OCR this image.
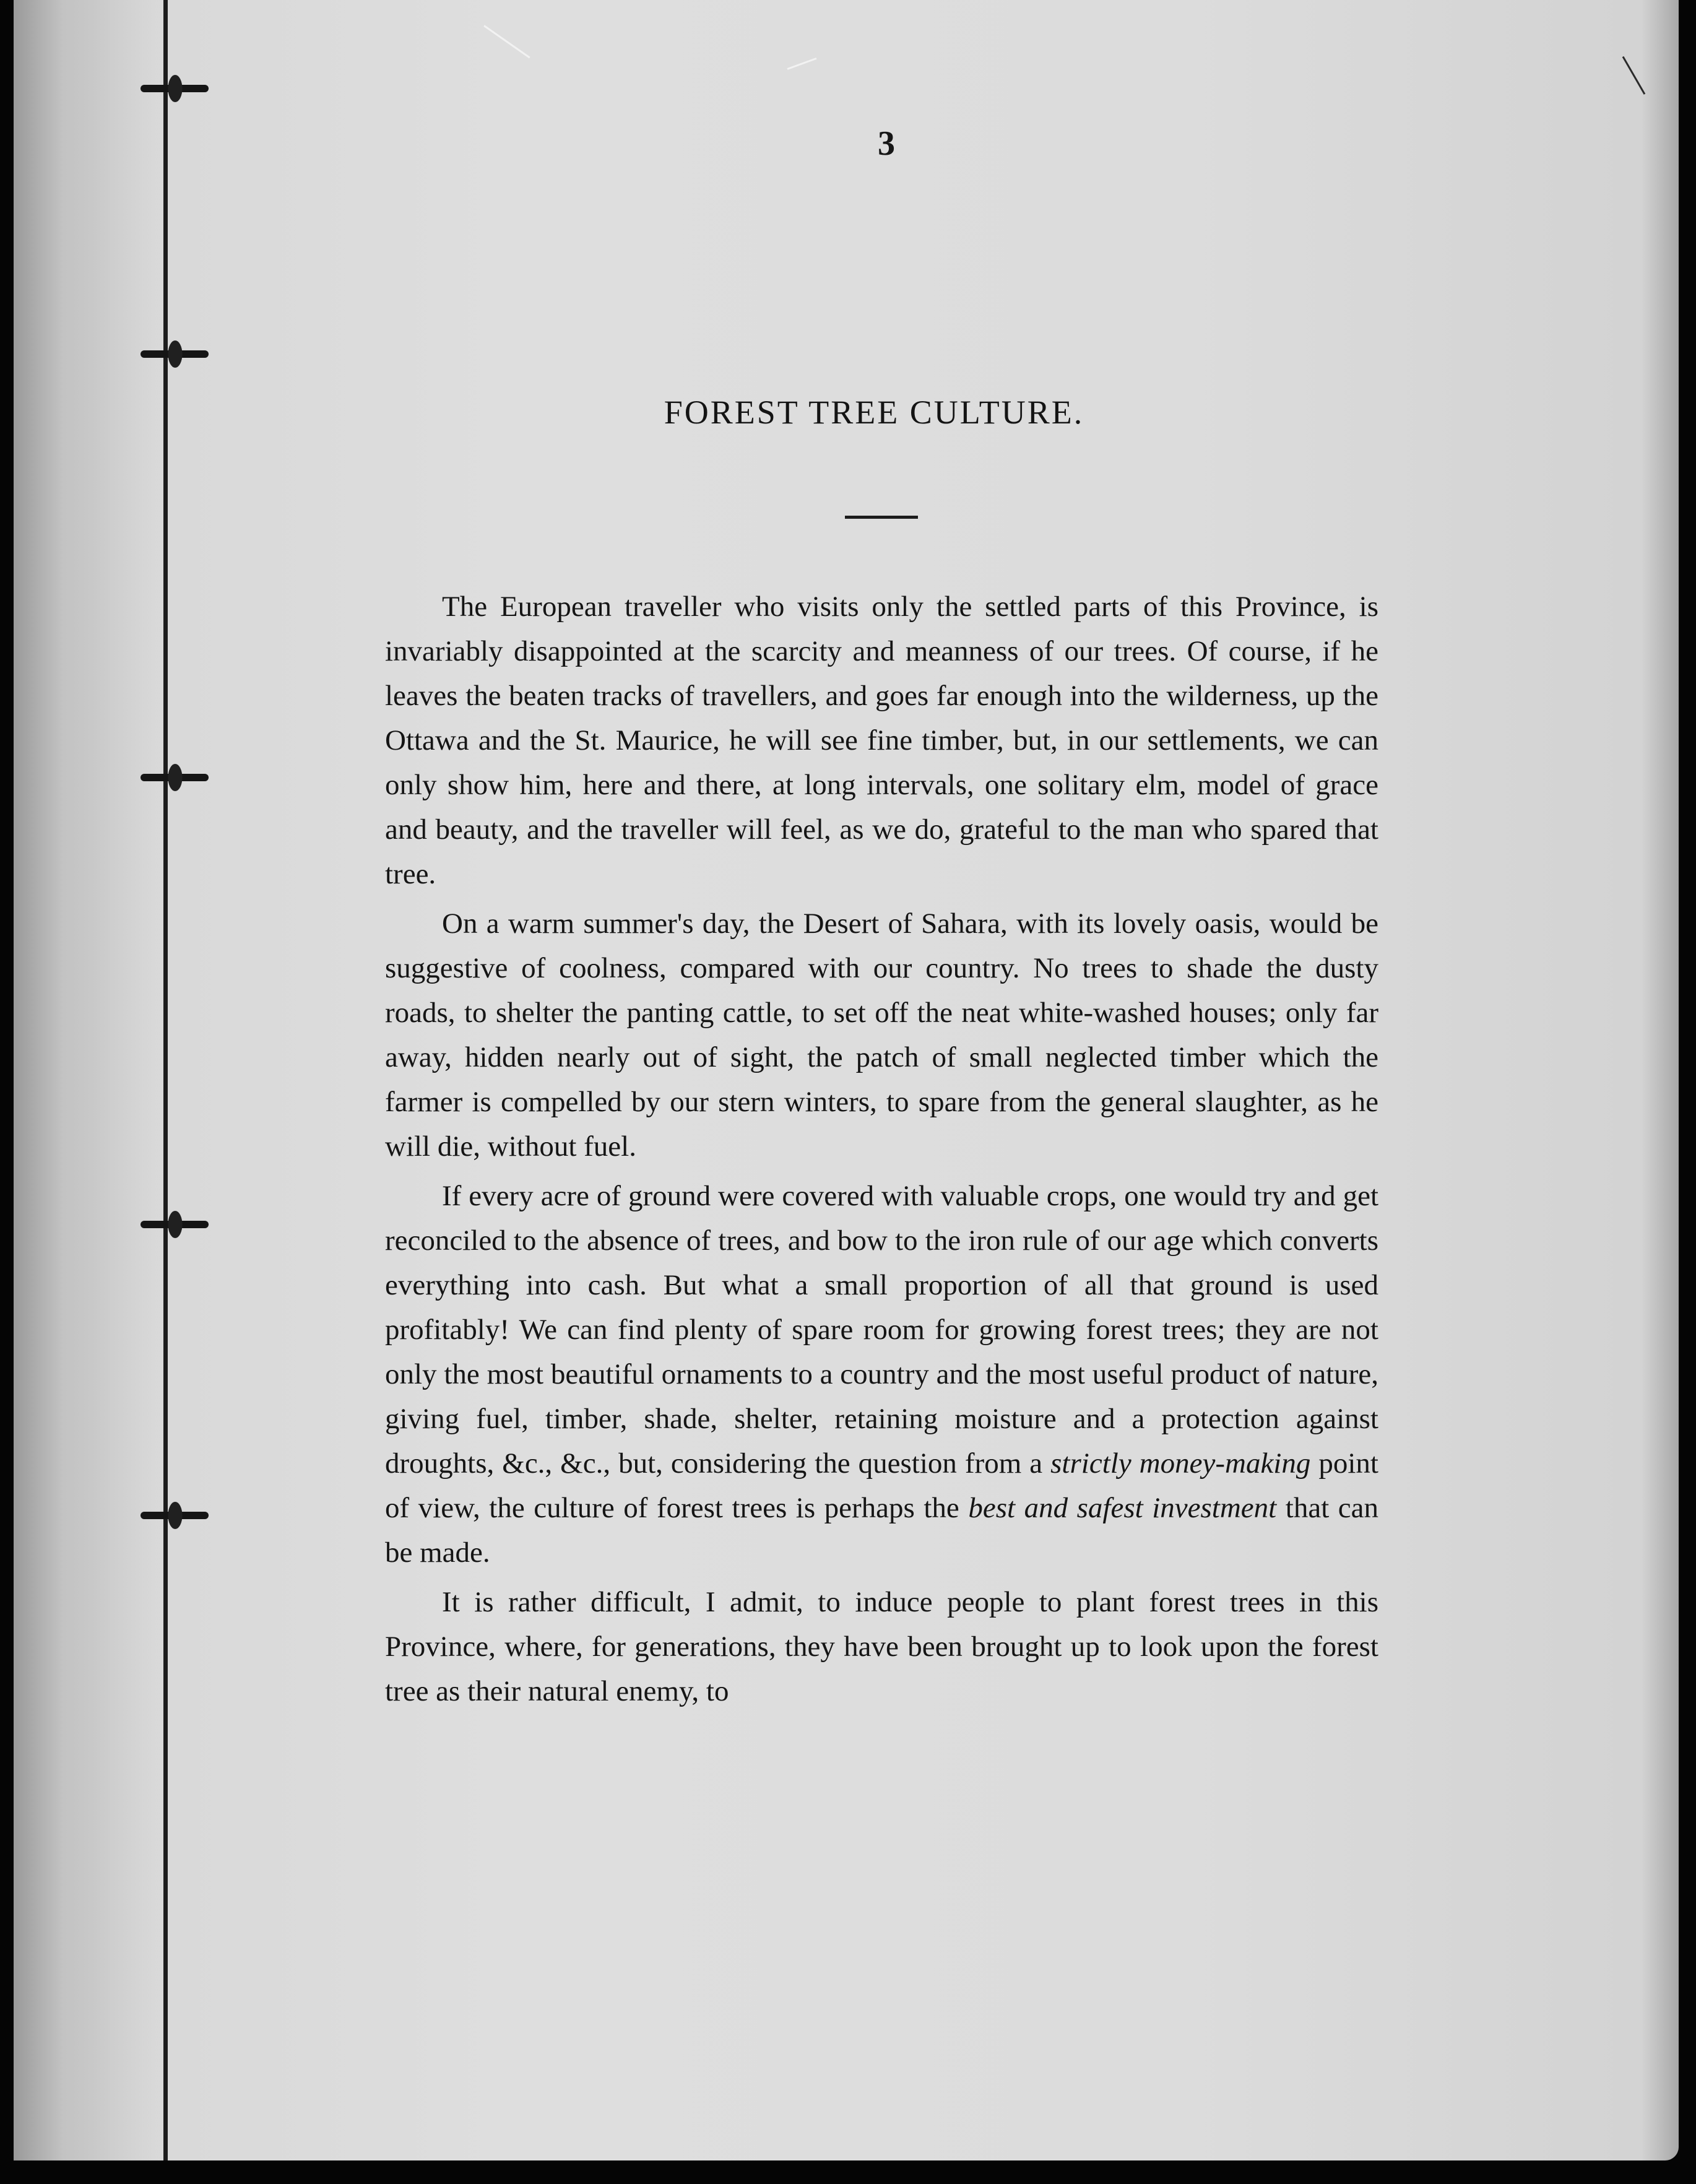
3
FOREST TREE CULTURE.

The European traveller who visits only the settled parts of this Province, is invariably disappointed at the scarcity and meanness of our trees. Of course, if he leaves the beaten tracks of travellers, and goes far enough into the wilderness, up the Ottawa and the St. Maurice, he will see fine timber, but, in our settlements, we can only show him, here and there, at long intervals, one solitary elm, model of grace and beauty, and the traveller will feel, as we do, grateful to the man who spared that tree.

On a warm summer's day, the Desert of Sahara, with its lovely oasis, would be suggestive of coolness, compared with our country. No trees to shade the dusty roads, to shelter the panting cattle, to set off the neat white-washed houses; only far away, hidden nearly out of sight, the patch of small neglected timber which the farmer is compelled by our stern winters, to spare from the general slaughter, as he will die, without fuel.

If every acre of ground were covered with valuable crops, one would try and get reconciled to the absence of trees, and bow to the iron rule of our age which converts everything into cash. But what a small proportion of all that ground is used profitably! We can find plenty of spare room for growing forest trees; they are not only the most beautiful ornaments to a country and the most useful product of nature, giving fuel, timber, shade, shelter, retaining moisture and a protection against droughts, &c., &c., but, considering the question from a strictly money-making point of view, the culture of forest trees is perhaps the best and safest investment that can be made.

It is rather difficult, I admit, to induce people to plant forest trees in this Province, where, for generations, they have been brought up to look upon the forest tree as their natural enemy, to
